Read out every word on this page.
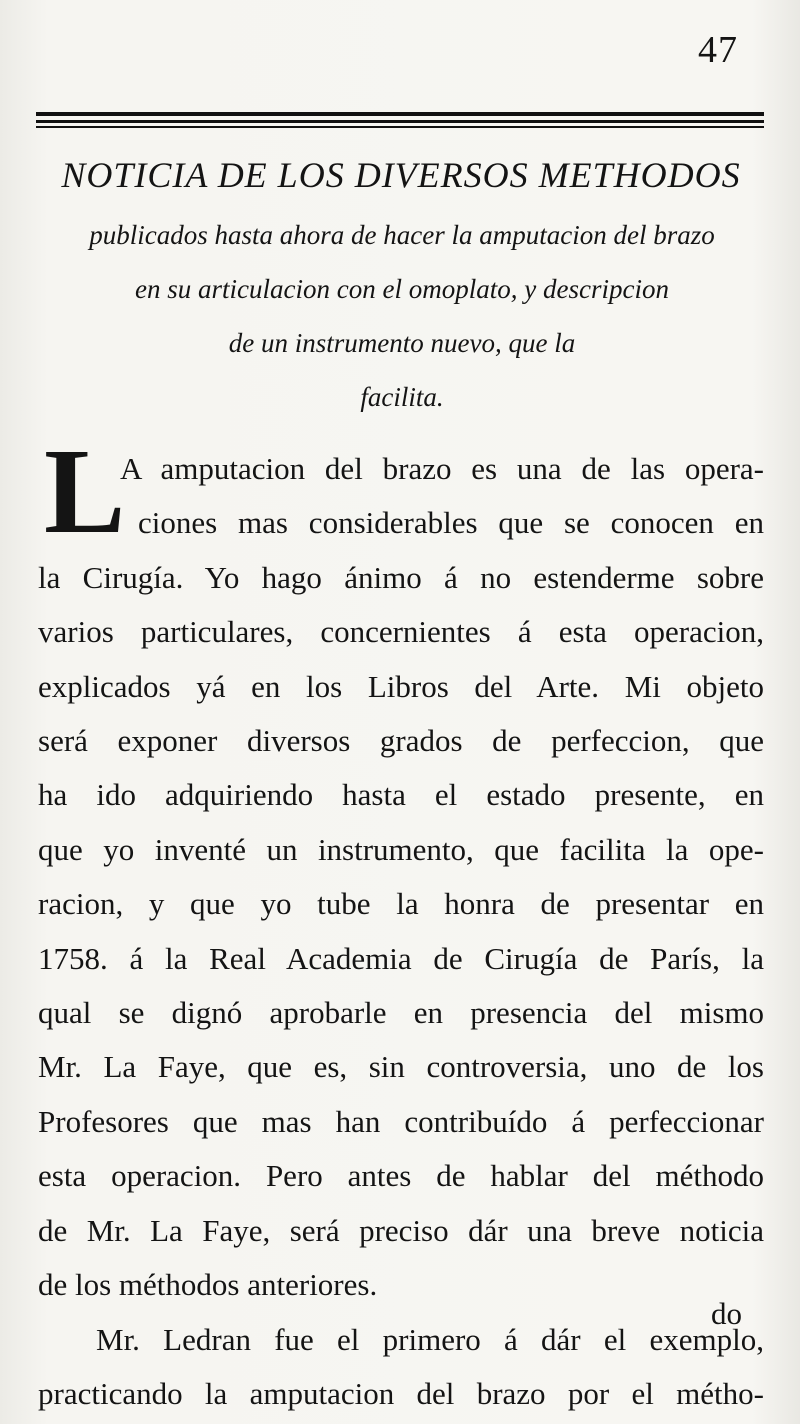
47
NOTICIA DE LOS DIVERSOS METHODOS
publicados hasta ahora de hacer la amputacion del brazo
en su articulacion con el omoplato, y descripcion
de un instrumento nuevo, que la
facilita.
L
A amputacion del brazo es una de las opera-
ciones mas considerables que se conocen en
la Cirugía. Yo hago ánimo á no estenderme sobre
varios particulares, concernientes á esta operacion,
explicados yá en los Libros del Arte. Mi objeto
será exponer diversos grados de perfeccion, que
ha ido adquiriendo hasta el estado presente, en
que yo inventé un instrumento, que facilita la ope-
racion, y que yo tube la honra de presentar en
1758. á la Real Academia de Cirugía de París, la
qual se dignó aprobarle en presencia del mismo
Mr. La Faye, que es, sin controversia, uno de los
Profesores que mas han contribuído á perfeccionar
esta operacion. Pero antes de hablar del méthodo
de Mr. La Faye, será preciso dár una breve noticia
de los méthodos anteriores.
Mr. Ledran fue el primero á dár el exemplo,
practicando la amputacion del brazo por el métho-
do
